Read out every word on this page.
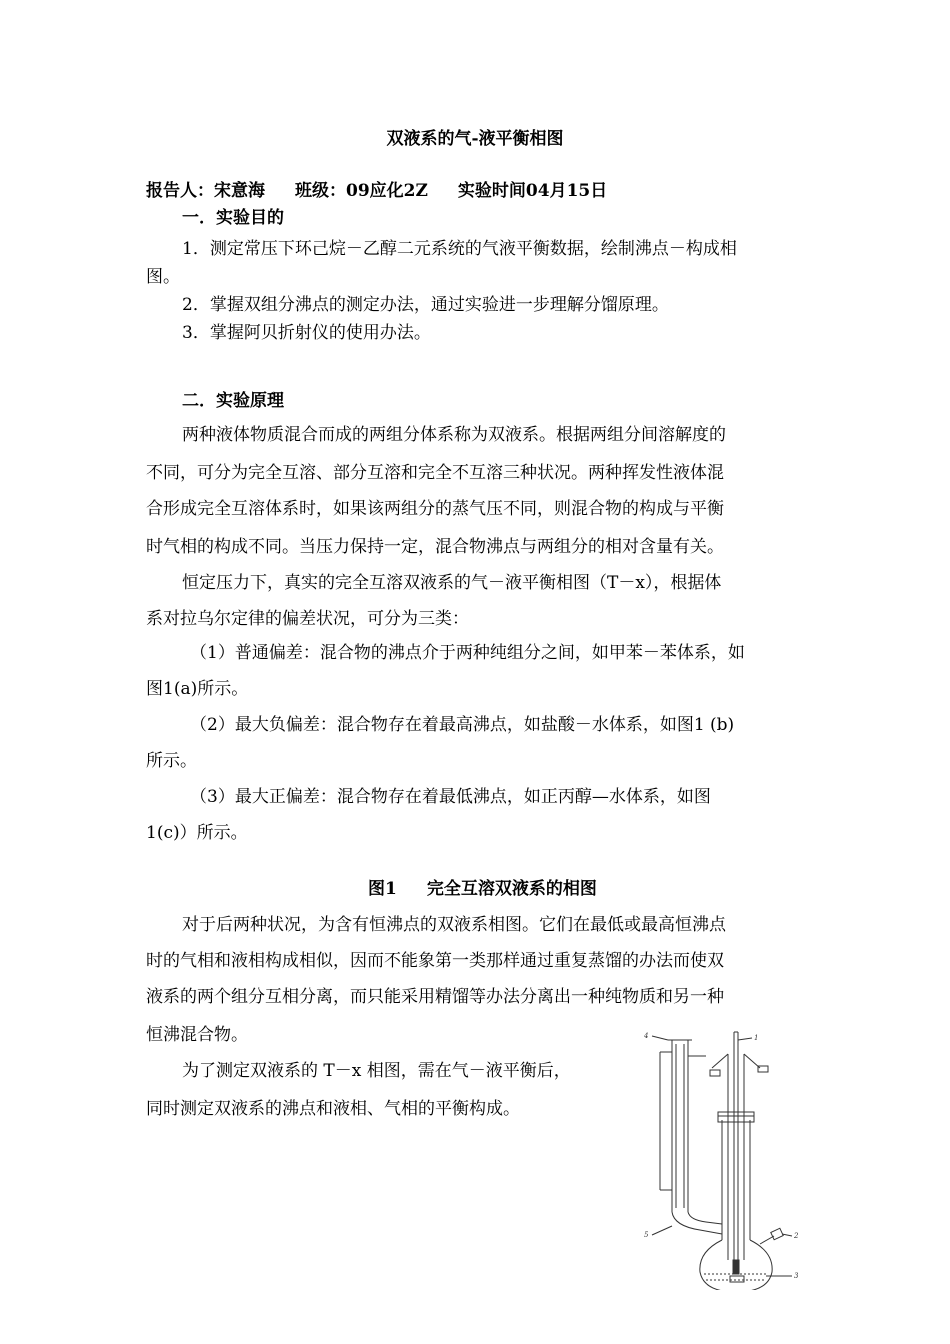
双液系的气-液平衡相图
报告人：宋意海 班级：09应化2Z 实验时间04月15日
一．实验目的
1．测定常压下环己烷－乙醇二元系统的气液平衡数据，绘制沸点－构成相
图。
2．掌握双组分沸点的测定办法，通过实验进一步理解分馏原理。
3．掌握阿贝折射仪的使用办法。
二．实验原理
两种液体物质混合而成的两组分体系称为双液系。根据两组分间溶解度的
不同，可分为完全互溶、部分互溶和完全不互溶三种状况。两种挥发性液体混
合形成完全互溶体系时，如果该两组分的蒸气压不同，则混合物的构成与平衡
时气相的构成不同。当压力保持一定，混合物沸点与两组分的相对含量有关。
恒定压力下，真实的完全互溶双液系的气－液平衡相图（T－x），根据体
系对拉乌尔定律的偏差状况，可分为三类：
（1）普通偏差：混合物的沸点介于两种纯组分之间，如甲苯－苯体系，如
图1(a)所示。
（2）最大负偏差：混合物存在着最高沸点，如盐酸－水体系，如图1 (b)
所示。
（3）最大正偏差：混合物存在着最低沸点，如正丙醇—水体系，如图
1(c)）所示。
图1 完全互溶双液系的相图
对于后两种状况，为含有恒沸点的双液系相图。它们在最低或最高恒沸点
时的气相和液相构成相似，因而不能象第一类那样通过重复蒸馏的办法而使双
液系的两个组分互相分离，而只能采用精馏等办法分离出一种纯物质和另一种
恒沸混合物。
为了测定双液系的 T－x 相图，需在气－液平衡后，
同时测定双液系的沸点和液相、气相的平衡构成。
4	1
5	2
3
